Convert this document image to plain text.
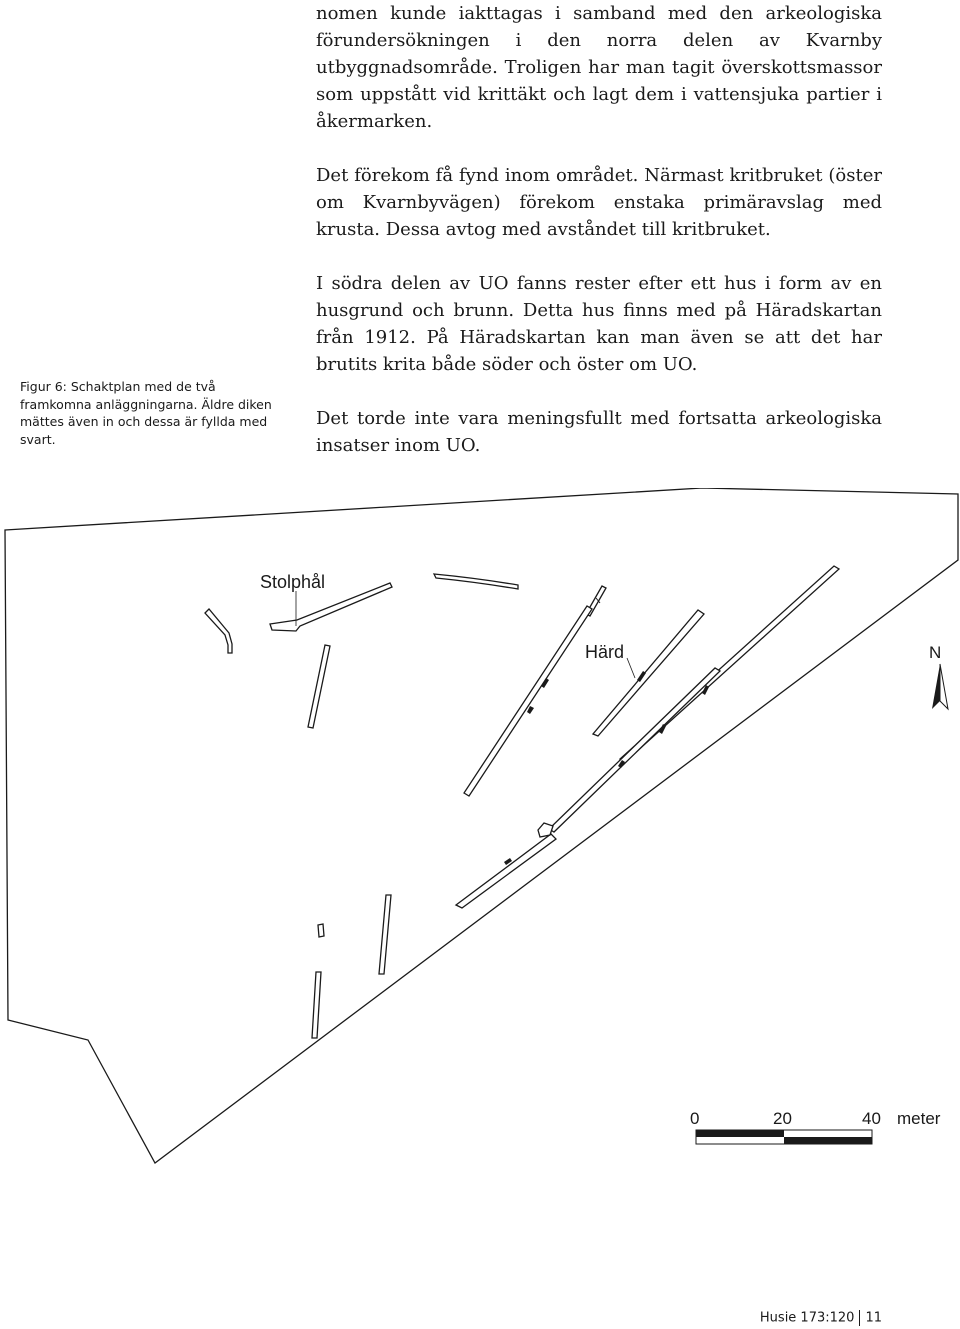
nomen kunde iakttagas i samband med den arkeologiska förundersökningen i den norra delen av Kvarnby utbyggnadsområde. Troligen har man tagit överskottsmassor som uppstått vid krittäkt och lagt dem i vattensjuka partier i åkermarken.

Det förekom få fynd inom området. Närmast kritbruket (öster om Kvarnbyvägen) förekom enstaka primäravslag med krusta. Dessa avtog med avståndet till kritbruket.

I södra delen av UO fanns rester efter ett hus i form av en husgrund och brunn. Detta hus finns med på Häradskartan från 1912. På Häradskartan kan man även se att det har brutits krita både söder och öster om UO.

Det torde inte vara meningsfullt med fortsatta arkeologiska insatser inom UO.

Figur 6: Schaktplan med de två framkomna anläggningarna. Äldre diken mättes även in och dessa är fyllda med svart.
Stolphål
Härd	N
0	20	40 meter
Husie 173:120 11
